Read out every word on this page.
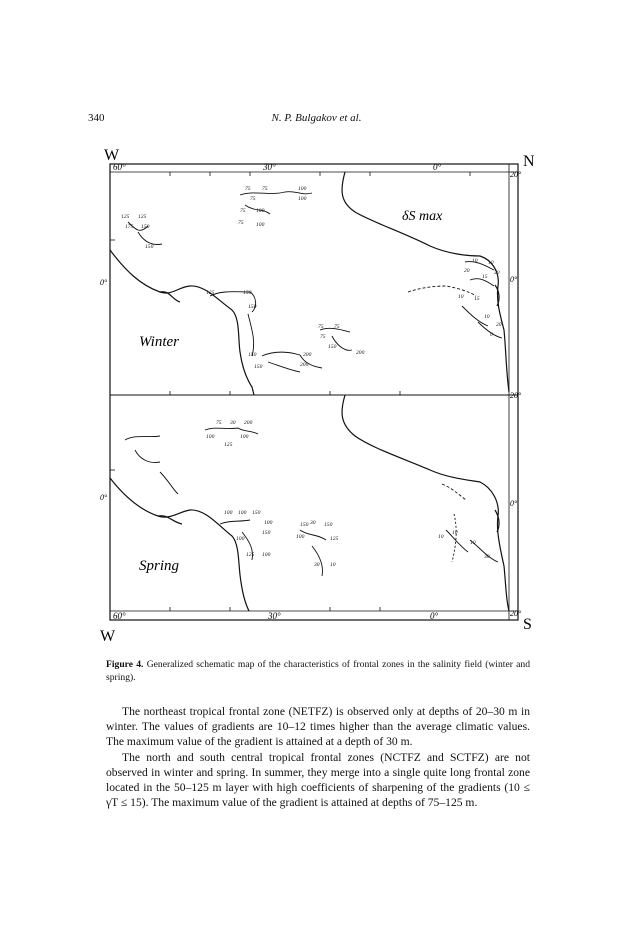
340	N. P. Bulgakov et al.
W	N
S
W
60°	30°	0°
60°	30°	0°
20°
0°
20°
0°
20°
0°
0°
125 125
175 150
150
75 75	100
75	100
75 100
75 100
125	150
150
75 75
75
150
200
150	200
150	200
10 10
20
15
20
10 15
10
0
20
75 30 200
100	100
125
100 100 150
100
150
100
125 100
150 30 150
100	125
30 10
10
10
10
30
Winter
Spring
δS max
Figure 4. Generalized schematic map of the characteristics of frontal zones in the salinity field (winter and spring).

The northeast tropical frontal zone (NETFZ) is observed only at depths of 20–30 m in winter. The values of gradients are 10–12 times higher than the average climatic values. The maximum value of the gradient is attained at a depth of 30 m.

The north and south central tropical frontal zones (NCTFZ and SCTFZ) are not observed in winter and spring. In summer, they merge into a single quite long frontal zone located in the 50–125 m layer with high coefficients of sharpening of the gradients (10 ≤ γT ≤ 15). The maximum value of the gradient is attained at depths of 75–125 m.
